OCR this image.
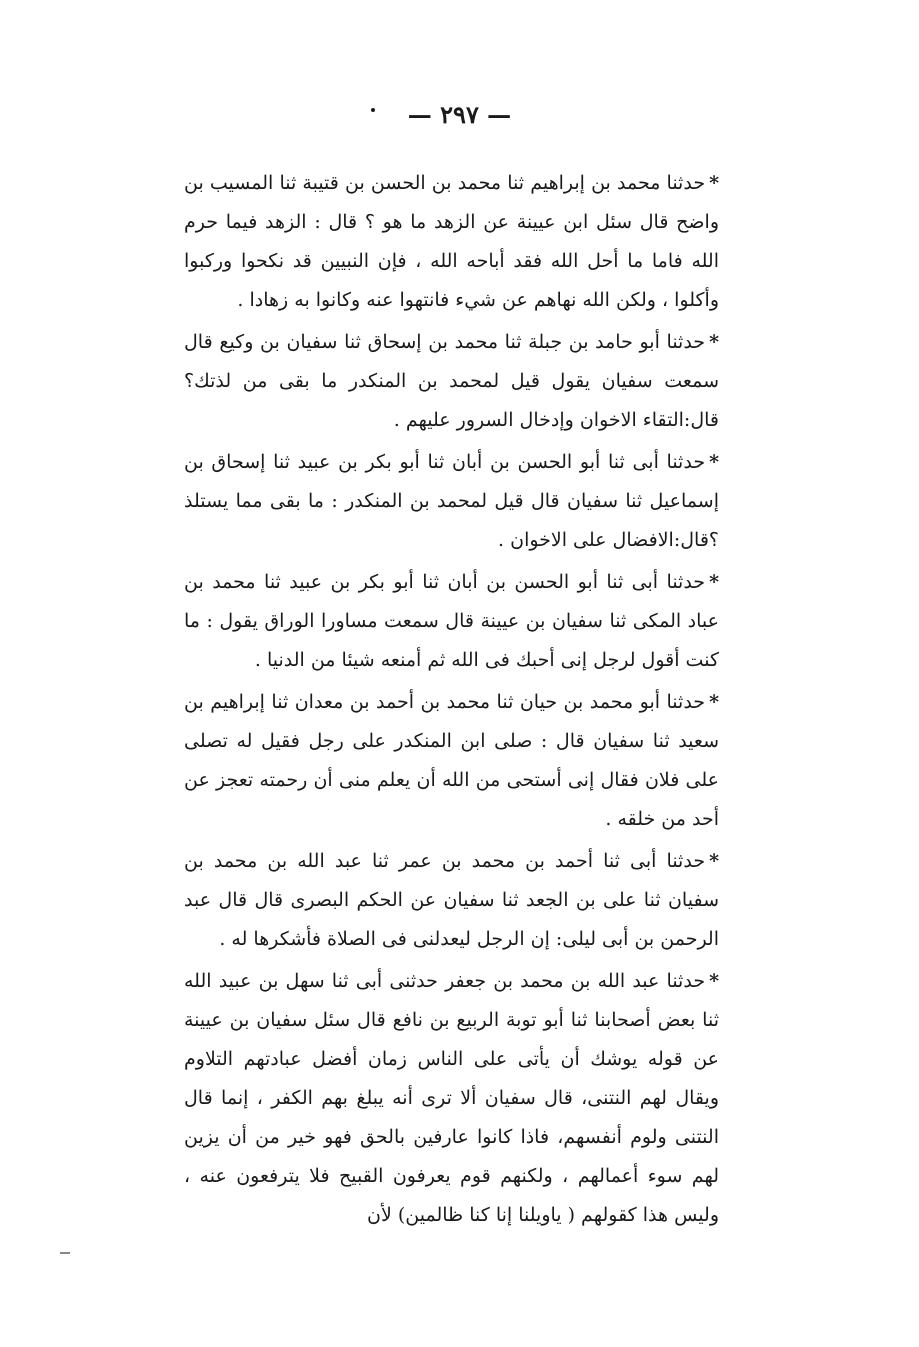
— ٢٩٧ —

*حدثنا محمد بن إبراهيم ثنا محمد بن الحسن بن قتيبة ثنا المسيب بن واضح قال سئل ابن عيينة عن الزهد ما هو ؟ قال : الزهد فيما حرم الله فاما ما أحل الله فقد أباحه الله ، فإن النبيين قد نكحوا وركبوا وأكلوا ، ولكن الله نهاهم عن شيء فانتهوا عنه وكانوا به زهادا .

*حدثنا أبو حامد بن جبلة ثنا محمد بن إسحاق ثنا سفيان بن وكيع قال سمعت سفيان يقول قيل لمحمد بن المنكدر ما بقى من لذتك؟قال:التقاء الاخوان وإدخال السرور عليهم .

*حدثنا أبى ثنا أبو الحسن بن أبان ثنا أبو بكر بن عبيد ثنا إسحاق بن إسماعيل ثنا سفيان قال قيل لمحمد بن المنكدر : ما بقى مما يستلذ ؟قال:الافضال على الاخوان .

*حدثنا أبى ثنا أبو الحسن بن أبان ثنا أبو بكر بن عبيد ثنا محمد بن عباد المكى ثنا سفيان بن عيينة قال سمعت مساورا الوراق يقول : ما كنت أقول لرجل إنى أحبك فى الله ثم أمنعه شيئا من الدنيا .

*حدثنا أبو محمد بن حيان ثنا محمد بن أحمد بن معدان ثنا إبراهيم بن سعيد ثنا سفيان قال : صلى ابن المنكدر على رجل فقيل له تصلى على فلان فقال إنى أستحى من الله أن يعلم منى أن رحمته تعجز عن أحد من خلقه .

*حدثنا أبى ثنا أحمد بن محمد بن عمر ثنا عبد الله بن محمد بن سفيان ثنا على بن الجعد ثنا سفيان عن الحكم البصرى قال قال عبد الرحمن بن أبى ليلى: إن الرجل ليعدلنى فى الصلاة فأشكرها له .

*حدثنا عبد الله بن محمد بن جعفر حدثنى أبى ثنا سهل بن عبيد الله ثنا بعض أصحابنا ثنا أبو توبة الربيع بن نافع قال سئل سفيان بن عيينة عن قوله يوشك أن يأتى على الناس زمان أفضل عبادتهم التلاوم ويقال لهم النتنى، قال سفيان ألا ترى أنه يبلغ بهم الكفر ، إنما قال النتنى ولوم أنفسهم، فاذا كانوا عارفين بالحق فهو خير من أن يزين لهم سوء أعمالهم ، ولكنهم قوم يعرفون القبيح فلا يترفعون عنه ، وليس هذا كقولهم ( ياويلنا إنا كنا ظالمين) لأن
